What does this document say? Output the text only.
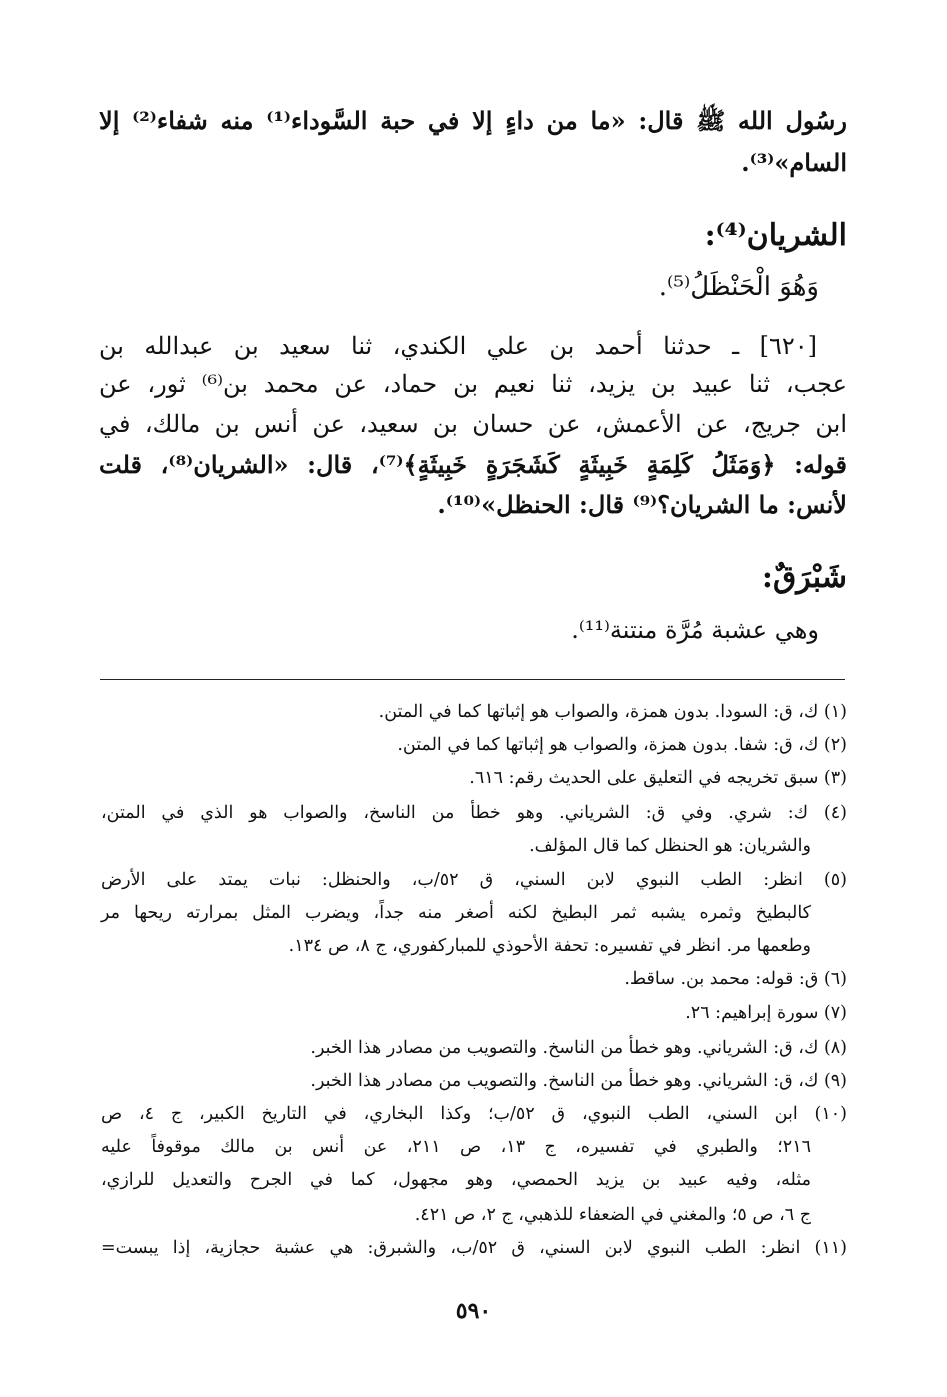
رسُول الله ﷺ قال: «ما من داءٍ إلا في حبة السَّوداء⁽¹⁾ منه شفاء⁽²⁾ إلا
السام»⁽³⁾.
الشريان⁽⁴⁾:
وَهُوَ الْحَنْظَلُ⁽⁵⁾.
[٦٢٠] ـ حدثنا أحمد بن علي الكندي، ثنا سعيد بن عبدالله بن
عجب، ثنا عبيد بن يزيد، ثنا نعيم بن حماد، عن محمد بن⁽⁶⁾ ثور، عن
ابن جريج، عن الأعمش، عن حسان بن سعيد، عن أنس بن مالك، في
قوله: ﴿وَمَثَلُ كَلِمَةٍ خَبِيثَةٍ كَشَجَرَةٍ خَبِيثَةٍ﴾⁽⁷⁾، قال: «الشريان⁽⁸⁾، قلت
لأنس: ما الشريان؟⁽⁹⁾ قال: الحنظل»⁽¹⁰⁾.
شَبْرَقٌ:
وهي عشبة مُرَّة منتنة⁽¹¹⁾.
(١) ك، ق: السودا. بدون همزة، والصواب هو إثباتها كما في المتن.
(٢) ك، ق: شفا. بدون همزة، والصواب هو إثباتها كما في المتن.
(٣) سبق تخريجه في التعليق على الحديث رقم: ٦١٦.
(٤) ك: شري. وفي ق: الشرياني. وهو خطأ من الناسخ، والصواب هو الذي في المتن،
والشريان: هو الحنظل كما قال المؤلف.
(٥) انظر: الطب النبوي لابن السني، ق ٥٢/ب، والحنظل: نبات يمتد على الأرض
كالبطيخ وثمره يشبه ثمر البطيخ لكنه أصغر منه جداً، ويضرب المثل بمرارته ريحها مر
وطعمها مر. انظر في تفسيره: تحفة الأحوذي للمباركفوري، ج ٨، ص ١٣٤.
(٦) ق: قوله: محمد بن. ساقط.
(٧) سورة إبراهيم: ٢٦.
(٨) ك، ق: الشرياني. وهو خطأ من الناسخ. والتصويب من مصادر هذا الخبر.
(٩) ك، ق: الشرياني. وهو خطأ من الناسخ. والتصويب من مصادر هذا الخبر.
(١٠) ابن السني، الطب النبوي، ق ٥٢/ب؛ وكذا البخاري، في التاريخ الكبير، ج ٤، ص
٢١٦؛ والطبري في تفسيره، ج ١٣، ص ٢١١، عن أنس بن مالك موقوفاً عليه
مثله، وفيه عبيد بن يزيد الحمصي، وهو مجهول، كما في الجرح والتعديل للرازي،
ج ٦، ص ٥؛ والمغني في الضعفاء للذهبي، ج ٢، ص ٤٢١.
(١١) انظر: الطب النبوي لابن السني، ق ٥٢/ب، والشبرق: هي عشبة حجازية، إذا يبست=
٥٩٠
